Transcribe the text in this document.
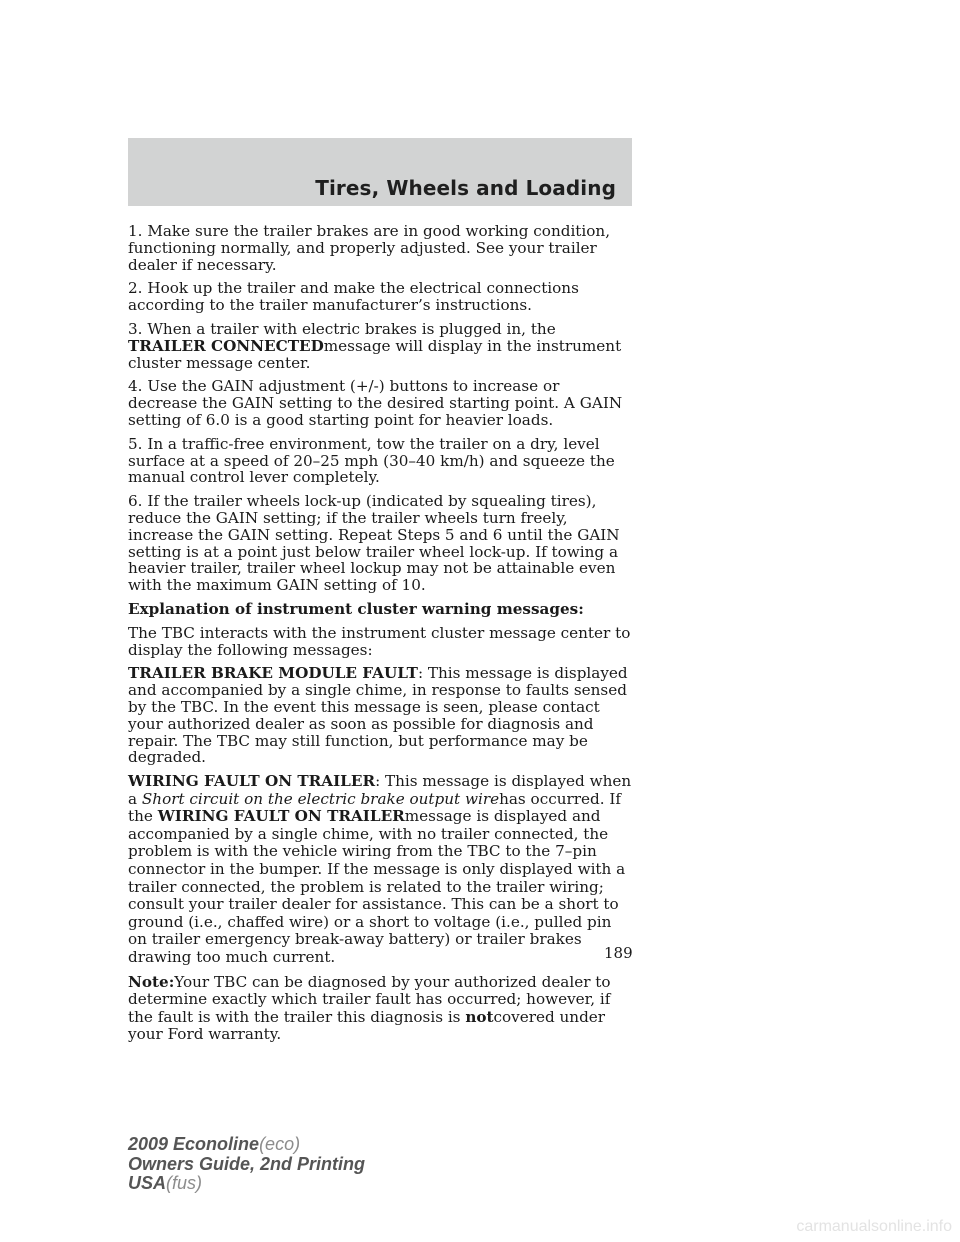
Tires, Wheels and Loading

1. Make sure the trailer brakes are in good working condition, functioning normally, and properly adjusted. See your trailer dealer if necessary.

2. Hook up the trailer and make the electrical connections according to the trailer manufacturer’s instructions.

3. When a trailer with electric brakes is plugged in, the TRAILER CONNECTEDmessage will display in the instrument cluster message center.

4. Use the GAIN adjustment (+/-) buttons to increase or decrease the GAIN setting to the desired starting point. A GAIN setting of 6.0 is a good starting point for heavier loads.

5. In a traffic-free environment, tow the trailer on a dry, level surface at a speed of 20–25 mph (30–40 km/h) and squeeze the manual control lever completely.

6. If the trailer wheels lock-up (indicated by squealing tires), reduce the GAIN setting; if the trailer wheels turn freely, increase the GAIN setting. Repeat Steps 5 and 6 until the GAIN setting is at a point just below trailer wheel lock-up. If towing a heavier trailer, trailer wheel lockup may not be attainable even with the maximum GAIN setting of 10.

Explanation of instrument cluster warning messages:

The TBC interacts with the instrument cluster message center to display the following messages:

TRAILER BRAKE MODULE FAULT: This message is displayed and accompanied by a single chime, in response to faults sensed by the TBC. In the event this message is seen, please contact your authorized dealer as soon as possible for diagnosis and repair. The TBC may still function, but performance may be degraded.

WIRING FAULT ON TRAILER: This message is displayed when a Short circuit on the electric brake output wirehas occurred. If the WIRING FAULT ON TRAILERmessage is displayed and accompanied by a single chime, with no trailer connected, the problem is with the vehicle wiring from the TBC to the 7–pin connector in the bumper. If the message is only displayed with a trailer connected, the problem is related to the trailer wiring; consult your trailer dealer for assistance. This can be a short to ground (i.e., chaffed wire) or a short to voltage (i.e., pulled pin on trailer emergency break-away battery) or trailer brakes drawing too much current.

Note:Your TBC can be diagnosed by your authorized dealer to determine exactly which trailer fault has occurred; however, if the fault is with the trailer this diagnosis is notcovered under your Ford warranty.

189
2009 Econoline(eco)
Owners Guide, 2nd Printing
USA(fus)
carmanualsonline.info
